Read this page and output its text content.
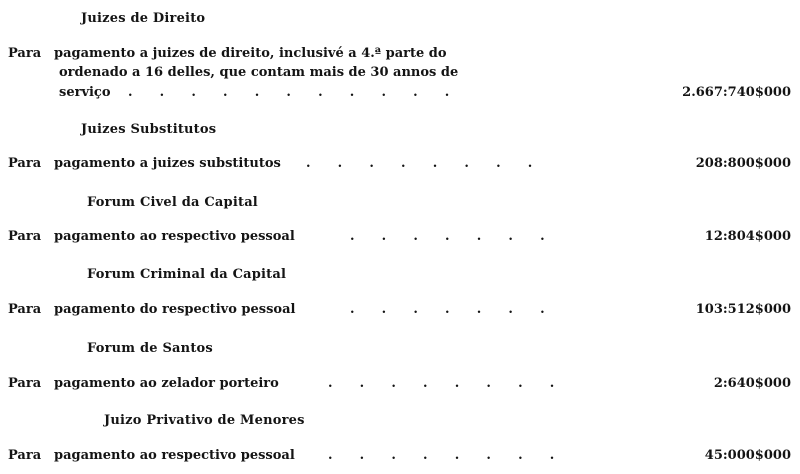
Juizes de Direito
Para pagamento a juizes de direito, inclusivé a 4.ª parte do
ordenado a 16 delles, que contam mais de 30 annos de
serviço .      .      .      .      .      .      .      .      .      .      .	2.667:740$000
Juizes Substitutos
Para pagamento a juizes substitutos .      .      .      .      .      .      .      .	208:800$000
Forum Civel da Capital
Para pagamento ao respectivo pessoal	.      .      .      .      .      .      .	12:804$000
Forum Criminal da Capital
Para pagamento do respectivo pessoal	.      .      .      .      .      .      .	103:512$000
Forum de Santos
Para pagamento ao zelador porteiro	.      .      .      .      .      .      .      .	2:640$000
Juizo Privativo de Menores
Para pagamento ao respectivo pessoal	.      .      .      .      .      .      .      .	45:000$000
